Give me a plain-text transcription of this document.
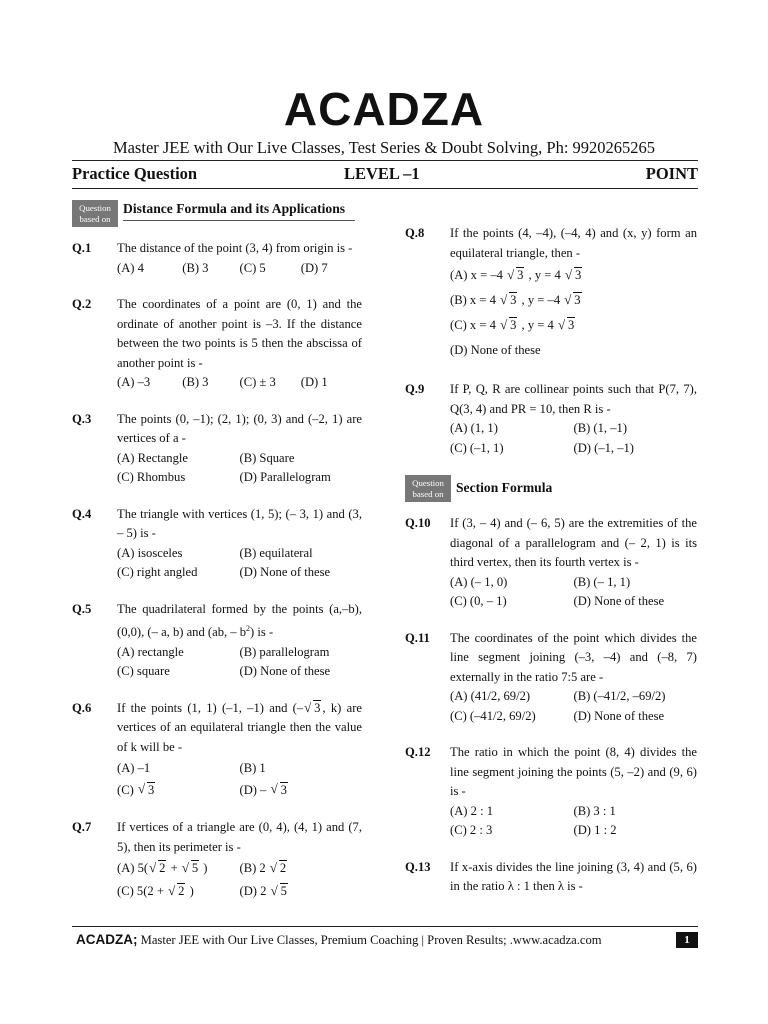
ACADZA
Master JEE with Our Live Classes, Test Series & Doubt Solving, Ph: 9920265265
Practice Question	LEVEL –1	POINT
Question based on
Distance Formula and its Applications
Q.1	The distance of the point (3, 4) from origin is -
(A) 4	(B) 3	(C) 5	(D) 7
Q.2	The coordinates of a point are (0, 1) and the ordinate of another point is –3. If the distance between the two points is 5 then the abscissa of another point is -
(A) –3	(B) 3	(C) ± 3	(D) 1
Q.3	The points (0, –1); (2, 1); (0, 3) and (–2, 1) are vertices of a -
(A) Rectangle	(B) Square
(C) Rhombus	(D) Parallelogram
Q.4	The triangle with vertices (1, 5); (– 3, 1) and (3, – 5) is -
(A) isosceles	(B) equilateral
(C) right angled	(D) None of these
Q.5	The quadrilateral formed by the points (a,–b), (0,0), (– a, b) and (ab, – $b^2$) is -
(A) rectangle	(B) parallelogram
(C) square	(D) None of these
Q.6	If the points (1, 1) (–1, –1) and (– √ 3 , k) are vertices of an equilateral triangle then the value of k will be -
(A) –1	(B) 1
(C) √ 3	(D) – √ 3
Q.7	If vertices of a triangle are (0, 4), (4, 1) and (7, 5), then its perimeter is -
(A) 5( √ 2 + √ 5 )	(B) 2 √ 2
(C) 5(2 + √ 2 )	(D) 2 √ 5
Q.8	If the points (4, –4), (–4, 4) and (x, y) form an equilateral triangle, then -
(A) x = –4 √ 3 , y = 4 √ 3
(B) x = 4 √ 3 , y = –4 √ 3
(C) x = 4 √ 3 , y = 4 √ 3
(D) None of these
Q.9	If P, Q, R are collinear points such that P(7, 7), Q(3, 4) and PR = 10, then R is -
(A) (1, 1)	(B) (1, –1)
(C) (–1, 1)	(D) (–1, –1)
Question based on Section Formula
Q.10	If (3, – 4) and (– 6, 5) are the extremities of the diagonal of a parallelogram and (– 2, 1) is its third vertex, then its fourth vertex is -
(A) (– 1, 0)	(B) (– 1, 1)
(C) (0, – 1)	(D) None of these
Q.11	The coordinates of the point which divides the line segment joining (–3, –4) and (–8, 7) externally in the ratio 7:5 are -
(A) (41/2, 69/2)	(B) (–41/2, –69/2)
(C) (–41/2, 69/2)	(D) None of these
Q.12	The ratio in which the point (8, 4) divides the line segment joining the points (5, –2) and (9, 6) is -
(A) 2 : 1	(B) 3 : 1
(C) 2 : 3	(D) 1 : 2
Q.13	If x-axis divides the line joining (3, 4) and (5, 6) in the ratio λ : 1 then λ is -
ACADZA; Master JEE with Our Live Classes, Premium Coaching | Proven Results; .www.acadza.com	1
